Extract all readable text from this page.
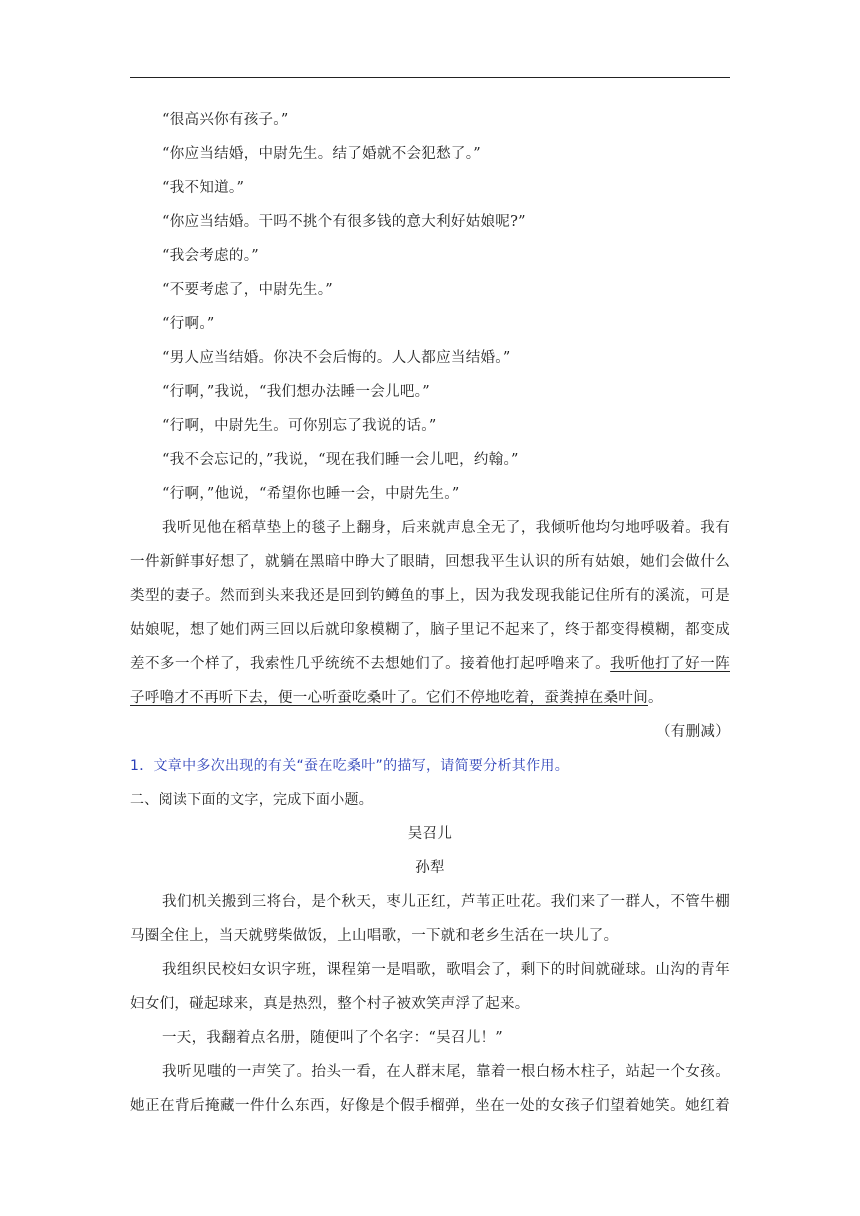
“很高兴你有孩子。”
“你应当结婚，中尉先生。结了婚就不会犯愁了。”
“我不知道。”
“你应当结婚。干吗不挑个有很多钱的意大利好姑娘呢?”
“我会考虑的。”
“不要考虑了，中尉先生。”
“行啊。”
“男人应当结婚。你决不会后悔的。人人都应当结婚。”
“行啊，”我说，“我们想办法睡一会儿吧。”
“行啊，中尉先生。可你别忘了我说的话。”
“我不会忘记的，”我说，“现在我们睡一会儿吧，约翰。”
“行啊，”他说，“希望你也睡一会，中尉先生。”
我听见他在稻草垫上的毯子上翻身，后来就声息全无了，我倾听他均匀地呼吸着。我有
一件新鲜事好想了，就躺在黑暗中睁大了眼睛，回想我平生认识的所有姑娘，她们会做什么
类型的妻子。然而到头来我还是回到钓鳟鱼的事上，因为我发现我能记住所有的溪流，可是
姑娘呢，想了她们两三回以后就印象模糊了，脑子里记不起来了，终于都变得模糊，都变成
差不多一个样了，我索性几乎统统不去想她们了。接着他打起呼噜来了。我听他打了好一阵
子呼噜才不再听下去，便一心听蚕吃桑叶了。它们不停地吃着，蚕粪掉在桑叶间。
（有删减）
1．文章中多次出现的有关“蚕在吃桑叶”的描写，请简要分析其作用。
二、阅读下面的文字，完成下面小题。
吴召儿
孙犁
我们机关搬到三将台，是个秋天，枣儿正红，芦苇正吐花。我们来了一群人，不管牛棚
马圈全住上，当天就劈柴做饭，上山唱歌，一下就和老乡生活在一块儿了。
我组织民校妇女识字班，课程第一是唱歌，歌唱会了，剩下的时间就碰球。山沟的青年
妇女们，碰起球来，真是热烈，整个村子被欢笑声浮了起来。
一天，我翻着点名册，随便叫了个名字：“吴召儿！”
我听见嗤的一声笑了。抬头一看，在人群末尾，靠着一根白杨木柱子，站起一个女孩。
她正在背后掩藏一件什么东西，好像是个假手榴弹，坐在一处的女孩子们望着她笑。她红着
